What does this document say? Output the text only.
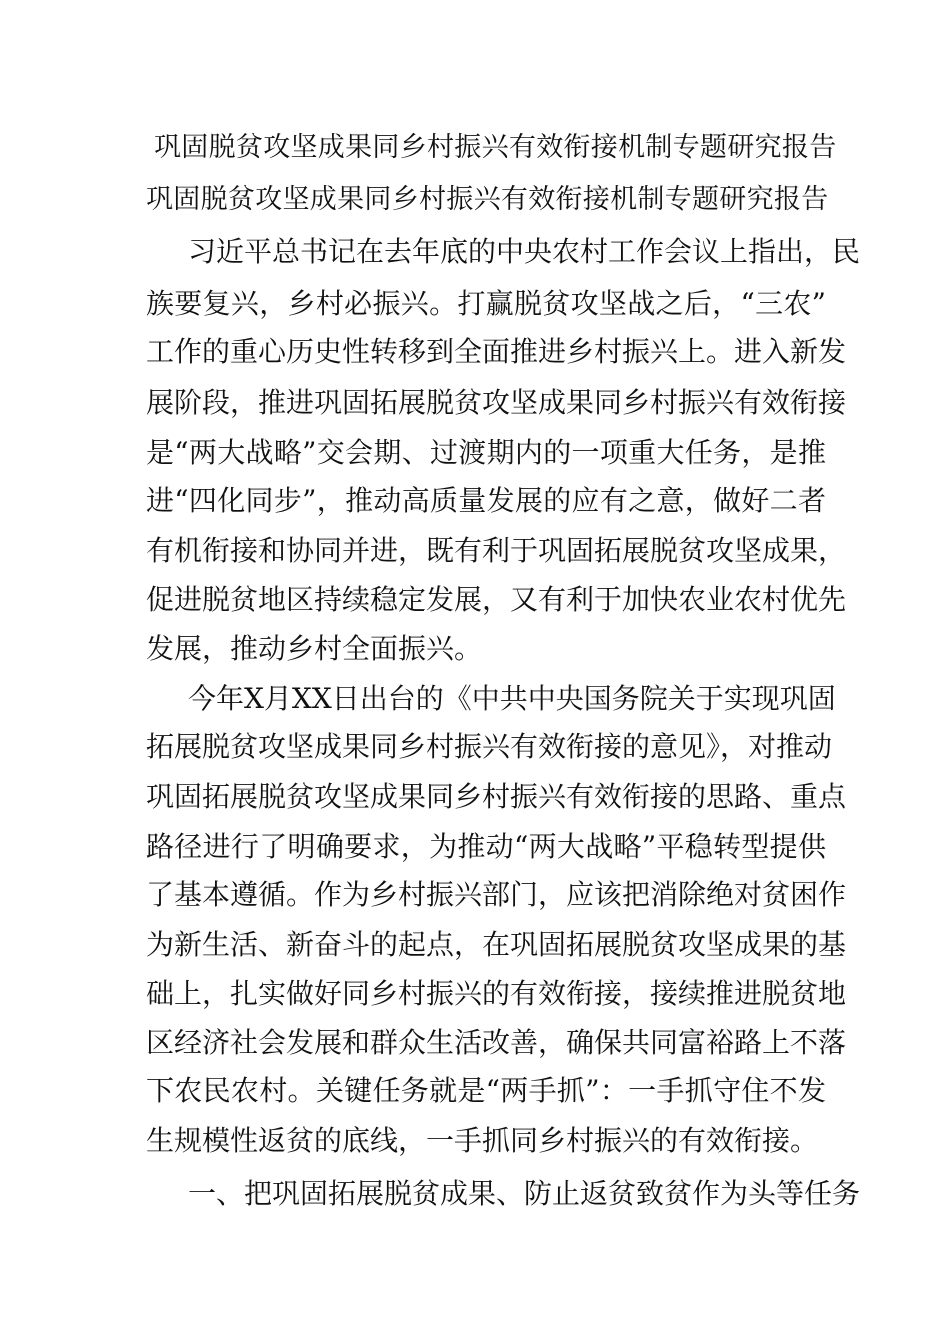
巩固脱贫攻坚成果同乡村振兴有效衔接机制专题研究报告
巩固脱贫攻坚成果同乡村振兴有效衔接机制专题研究报告
习近平总书记在去年底的中央农村工作会议上指出，民
族要复兴，乡村必振兴。打赢脱贫攻坚战之后，“三农”
工作的重心历史性转移到全面推进乡村振兴上。进入新发
展阶段，推进巩固拓展脱贫攻坚成果同乡村振兴有效衔接
是“两大战略”交会期、过渡期内的一项重大任务，是推
进“四化同步”，推动高质量发展的应有之意，做好二者
有机衔接和协同并进，既有利于巩固拓展脱贫攻坚成果，
促进脱贫地区持续稳定发展，又有利于加快农业农村优先
发展，推动乡村全面振兴。
今年X月XX日出台的《中共中央国务院关于实现巩固
拓展脱贫攻坚成果同乡村振兴有效衔接的意见》，对推动
巩固拓展脱贫攻坚成果同乡村振兴有效衔接的思路、重点
路径进行了明确要求，为推动“两大战略”平稳转型提供
了基本遵循。作为乡村振兴部门，应该把消除绝对贫困作
为新生活、新奋斗的起点，在巩固拓展脱贫攻坚成果的基
础上，扎实做好同乡村振兴的有效衔接，接续推进脱贫地
区经济社会发展和群众生活改善，确保共同富裕路上不落
下农民农村。关键任务就是“两手抓”：一手抓守住不发
生规模性返贫的底线，一手抓同乡村振兴的有效衔接。
一、把巩固拓展脱贫成果、防止返贫致贫作为头等任务
